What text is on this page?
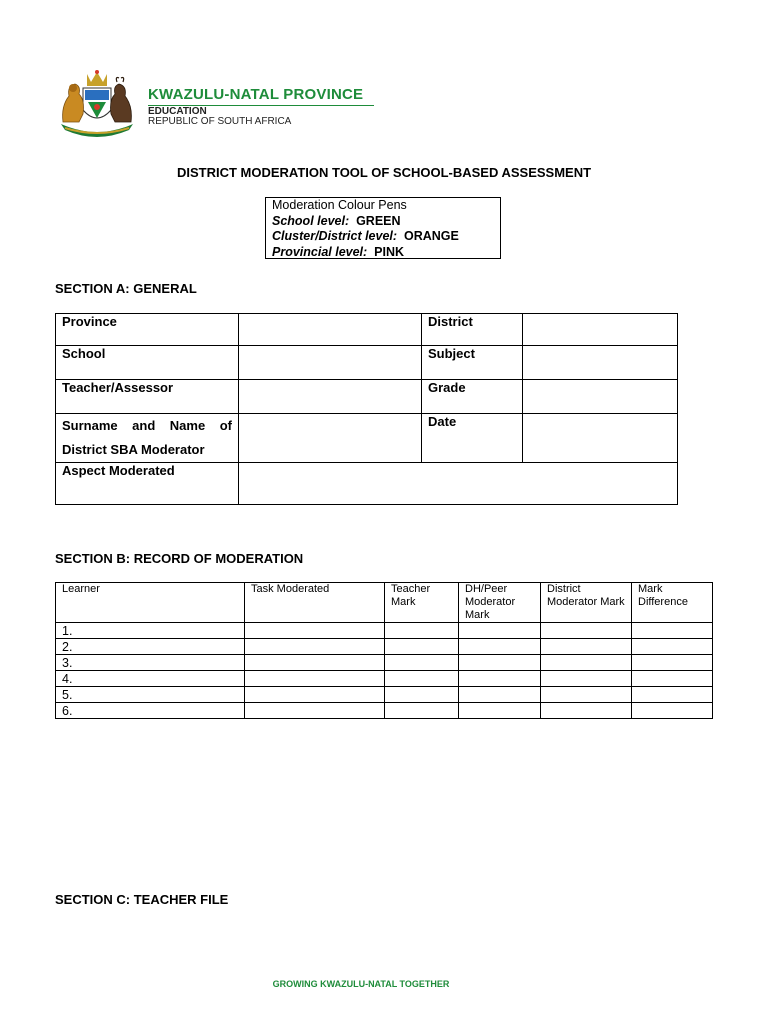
KWAZULU-NATAL PROVINCE
EDUCATION
REPUBLIC OF SOUTH AFRICA
DISTRICT MODERATION TOOL OF SCHOOL-BASED ASSESSMENT
Moderation Colour Pens
School level: GREEN
Cluster/District level: ORANGE
Provincial level: PINK
SECTION A: GENERAL
Province		District	
School		Subject	
Teacher/Assessor		Grade	

Surname and Name of
District SBA Moderator		Date	
Aspect Moderated			
SECTION B: RECORD OF MODERATION
Learner	Task Moderated	Teacher Mark	DH/Peer Moderator Mark	District Moderator Mark	Mark Difference
1.					
2.					
3.					
4.					
5.					
6.					
SECTION C: TEACHER FILE
GROWING KWAZULU-NATAL TOGETHER
